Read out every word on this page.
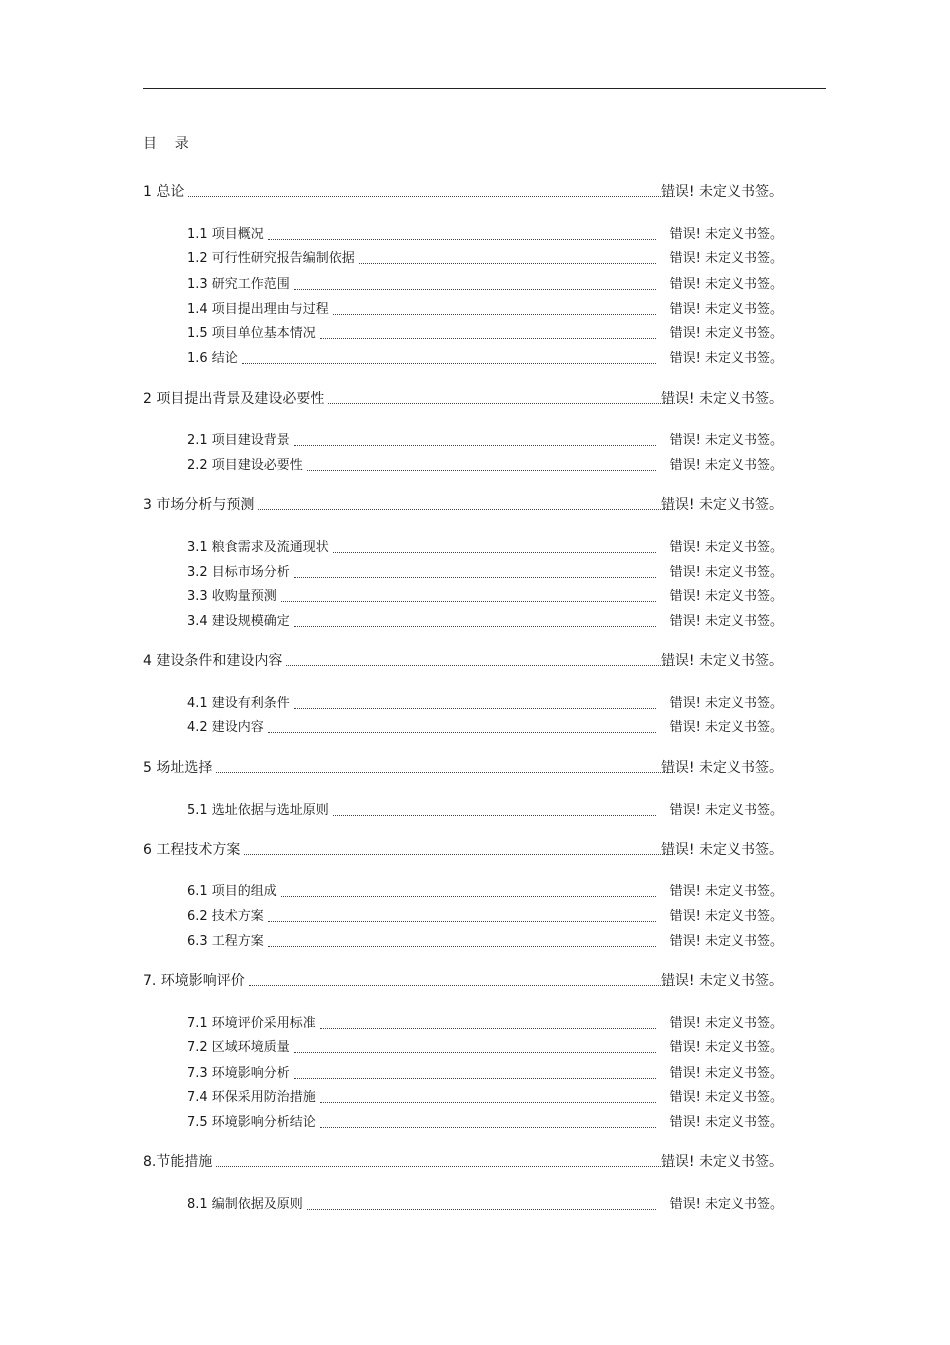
目    录
1 总论	错误! 未定义书签。
1.1 项目概况	错误! 未定义书签。
1.2 可行性研究报告编制依据	错误! 未定义书签。
1.3 研究工作范围	错误! 未定义书签。
1.4 项目提出理由与过程	错误! 未定义书签。
1.5 项目单位基本情况	错误! 未定义书签。
1.6 结论	错误! 未定义书签。
2 项目提出背景及建设必要性	错误! 未定义书签。
2.1 项目建设背景	错误! 未定义书签。
2.2 项目建设必要性	错误! 未定义书签。
3 市场分析与预测	错误! 未定义书签。
3.1 粮食需求及流通现状	错误! 未定义书签。
3.2 目标市场分析	错误! 未定义书签。
3.3 收购量预测	错误! 未定义书签。
3.4 建设规模确定	错误! 未定义书签。
4 建设条件和建设内容	错误! 未定义书签。
4.1 建设有利条件	错误! 未定义书签。
4.2 建设内容	错误! 未定义书签。
5 场址选择	错误! 未定义书签。
5.1 选址依据与选址原则	错误! 未定义书签。
6 工程技术方案	错误! 未定义书签。
6.1 项目的组成	错误! 未定义书签。
6.2 技术方案	错误! 未定义书签。
6.3 工程方案	错误! 未定义书签。
7. 环境影响评价	错误! 未定义书签。
7.1 环境评价采用标准	错误! 未定义书签。
7.2 区域环境质量	错误! 未定义书签。
7.3 环境影响分析	错误! 未定义书签。
7.4 环保采用防治措施	错误! 未定义书签。
7.5 环境影响分析结论	错误! 未定义书签。
8.节能措施	错误! 未定义书签。
8.1 编制依据及原则	错误! 未定义书签。
